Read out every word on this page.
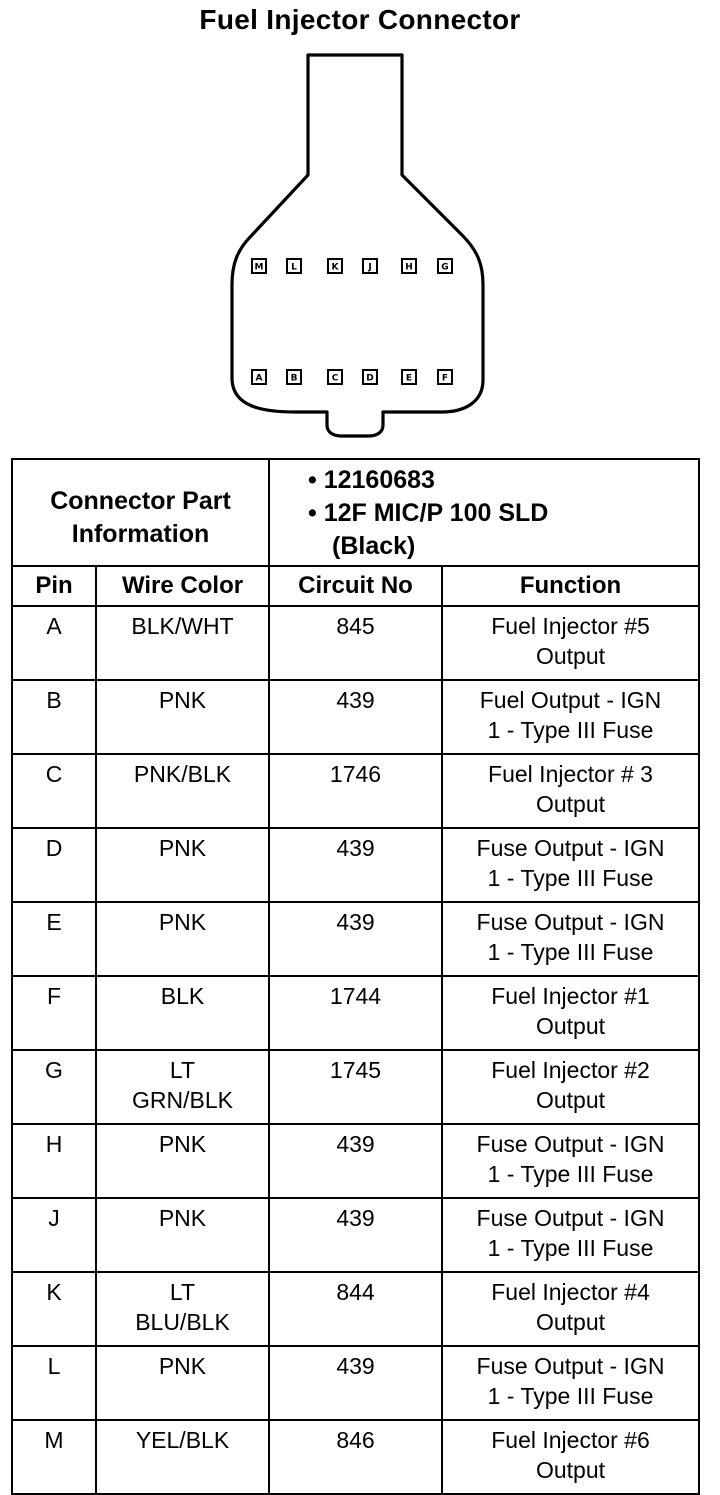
Fuel Injector Connector
M	L	K	J	H	G
A	B	C	D	E	F
Connector Part
Information		• 12160683
• 12F MIC/P 100 SLD
(Black)	

Pin	Wire Color	Circuit No	Function

A	BLK/WHT	845	Fuel Injector #5
Output

B	PNK	439	Fuel Output - IGN
1 - Type III Fuse

C	PNK/BLK	1746	Fuel Injector # 3
Output

D	PNK	439	Fuse Output - IGN
1 - Type III Fuse

E	PNK	439	Fuse Output - IGN
1 - Type III Fuse

F	BLK	1744	Fuel Injector #1
Output

G	LT
GRN/BLK	1745	Fuel Injector #2
Output

H	PNK	439	Fuse Output - IGN
1 - Type III Fuse

J	PNK	439	Fuse Output - IGN
1 - Type III Fuse

K	LT
BLU/BLK	844	Fuel Injector #4
Output

L	PNK	439	Fuse Output - IGN
1 - Type III Fuse

M	YEL/BLK	846	Fuel Injector #6
Output
